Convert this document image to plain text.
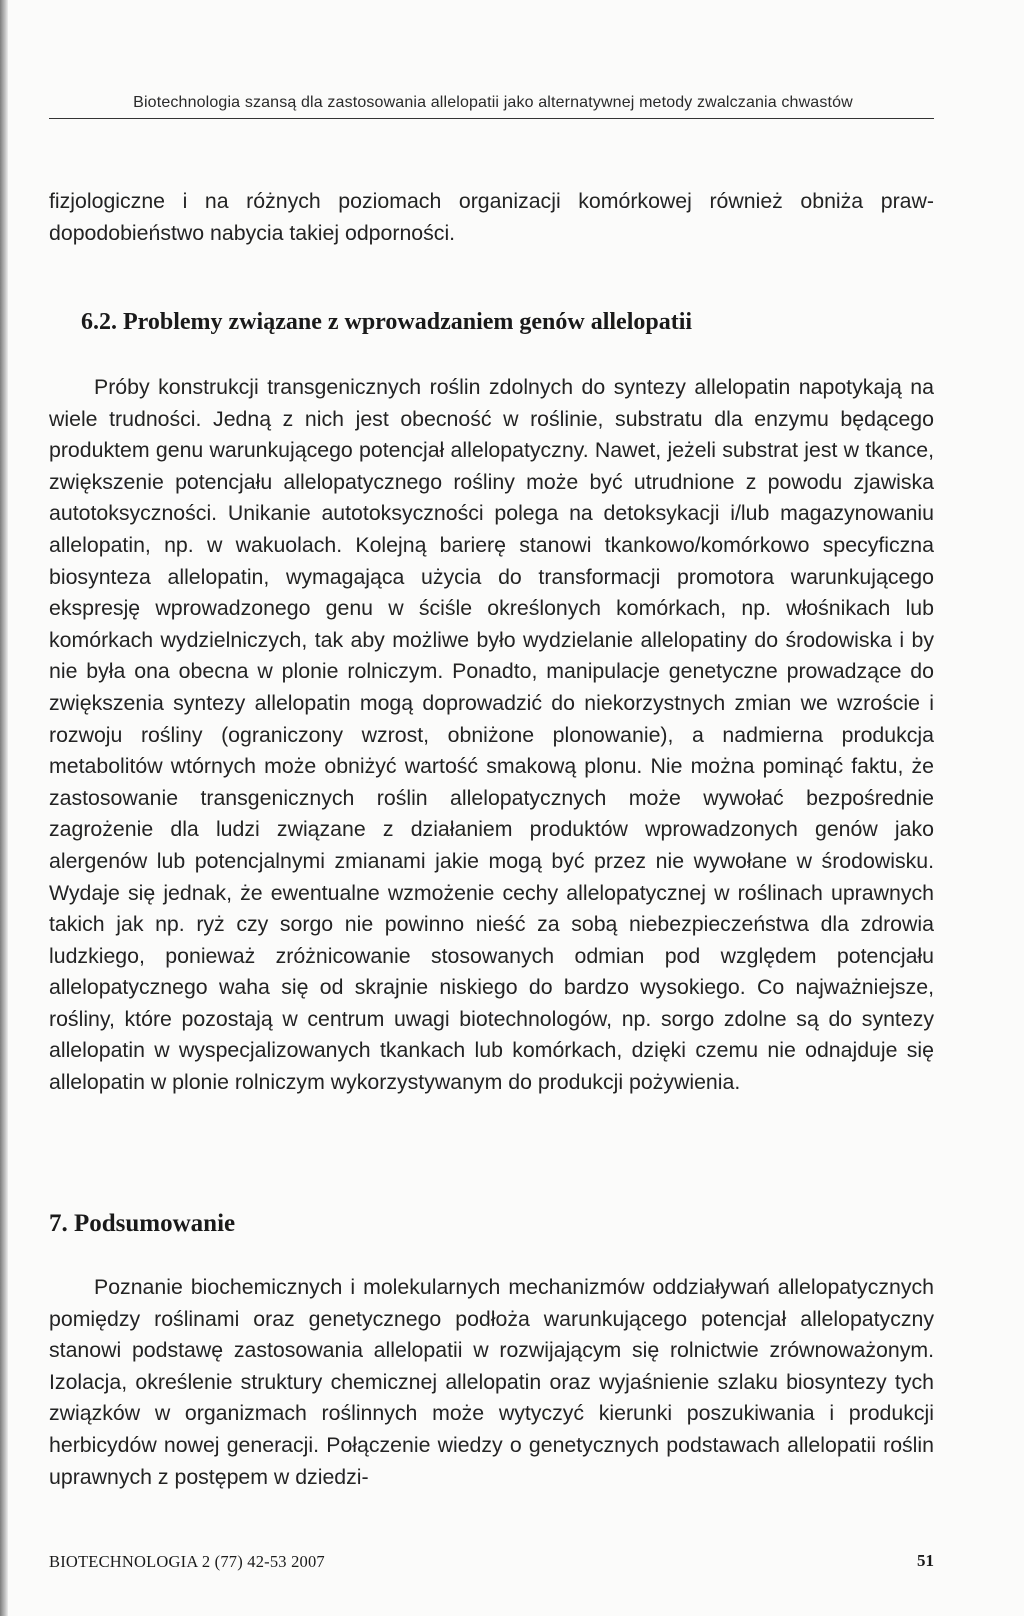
Biotechnologia szansą dla zastosowania allelopatii jako alternatywnej metody zwalczania chwastów

fizjologiczne i na różnych poziomach organizacji komórkowej również obniża prawdopodobieństwo nabycia takiej odporności.

6.2. Problemy związane z wprowadzaniem genów allelopatii

Próby konstrukcji transgenicznych roślin zdolnych do syntezy allelopatin napotykają na wiele trudności. Jedną z nich jest obecność w roślinie, substratu dla enzymu będącego produktem genu warunkującego potencjał allelopatyczny. Nawet, jeżeli substrat jest w tkance, zwiększenie potencjału allelopatycznego rośliny może być utrudnione z powodu zjawiska autotoksyczności. Unikanie autotoksyczności polega na detoksykacji i/lub magazynowaniu allelopatin, np. w wakuolach. Kolejną barierę stanowi tkankowo/komórkowo specyficzna biosynteza allelopatin, wymagająca użycia do transformacji promotora warunkującego ekspresję wprowadzonego genu w ściśle określonych komórkach, np. włośnikach lub komórkach wydzielniczych, tak aby możliwe było wydzielanie allelopatiny do środowiska i by nie była ona obecna w plonie rolniczym. Ponadto, manipulacje genetyczne prowadzące do zwiększenia syntezy allelopatin mogą doprowadzić do niekorzystnych zmian we wzroście i rozwoju rośliny (ograniczony wzrost, obniżone plonowanie), a nadmierna produkcja metabolitów wtórnych może obniżyć wartość smakową plonu. Nie można pominąć faktu, że zastosowanie transgenicznych roślin allelopatycznych może wywołać bezpośrednie zagrożenie dla ludzi związane z działaniem produktów wprowadzonych genów jako alergenów lub potencjalnymi zmianami jakie mogą być przez nie wywołane w środowisku. Wydaje się jednak, że ewentualne wzmożenie cechy allelopatycznej w roślinach uprawnych takich jak np. ryż czy sorgo nie powinno nieść za sobą niebezpieczeństwa dla zdrowia ludzkiego, ponieważ zróżnicowanie stosowanych odmian pod względem potencjału allelopatycznego waha się od skrajnie niskiego do bardzo wysokiego. Co najważniejsze, rośliny, które pozostają w centrum uwagi biotechnologów, np. sorgo zdolne są do syntezy allelopatin w wyspecjalizowanych tkankach lub komórkach, dzięki czemu nie odnajduje się allelopatin w plonie rolniczym wykorzystywanym do produkcji pożywienia.

7. Podsumowanie

Poznanie biochemicznych i molekularnych mechanizmów oddziaływań allelopatycznych pomiędzy roślinami oraz genetycznego podłoża warunkującego potencjał allelopatyczny stanowi podstawę zastosowania allelopatii w rozwijającym się rolnictwie zrównoważonym. Izolacja, określenie struktury chemicznej allelopatin oraz wyjaśnienie szlaku biosyntezy tych związków w organizmach roślinnych może wytyczyć kierunki poszukiwania i produkcji herbicydów nowej generacji. Połączenie wiedzy o genetycznych podstawach allelopatii roślin uprawnych z postępem w dziedzi-

BIOTECHNOLOGIA 2 (77) 42-53 2007	51
